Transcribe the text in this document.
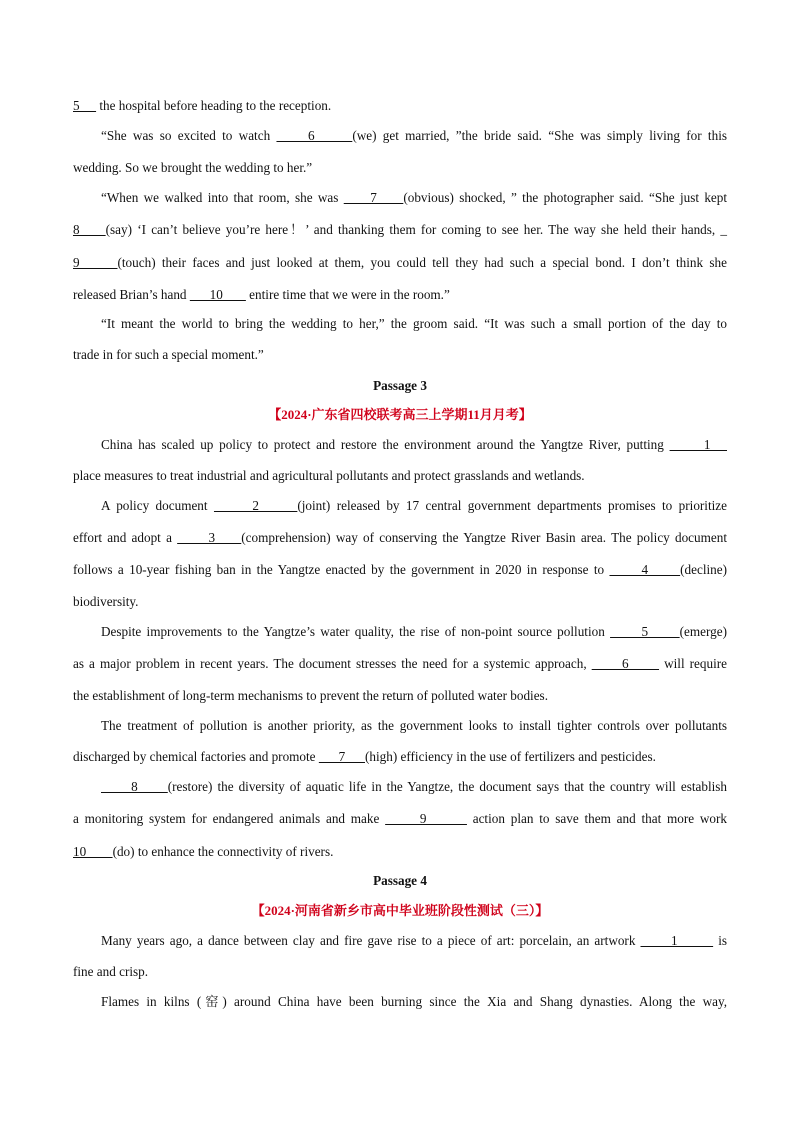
5      the hospital before heading to the reception.
“She was so excited to watch      6      (we) get married, ”the bride said. “She was simply living for this
wedding. So we brought the wedding to her.”
“When we walked into that room, she was      7     (obvious) shocked, ” the photographer said. “She just kept
8     (say) ‘I can’t believe you’re here！’ and thanking them for coming to see her. The way she held their hands, _
9      (touch) their faces and just looked at them, you could tell they had such a special bond. I don’t think she
released Brian’s hand       10        entire time that we were in the room.”
“It meant the world to bring the wedding to her,” the groom said. “It was such a small portion of the day to
trade in for such a special moment.”
Passage 3
【2024·广东省四校联考高三上学期11月月考】
China has scaled up policy to protect and restore the environment around the Yangtze River, putting       1
place measures to treat industrial and agricultural pollutants and protect grasslands and wetlands.
A policy document       2      (joint) released by 17 central government departments promises to prioritize
effort and adopt a       3     (comprehension) way of conserving the Yangtze River Basin area. The policy document
follows a 10-year fishing ban in the Yangtze enacted by the government in 2020 in response to       4      (decline)
biodiversity.
Despite improvements to the Yangtze’s water quality, the rise of non-point source pollution       5      (emerge)
as a major problem in recent years. The document stresses the need for a systemic approach,       6       will require
the establishment of long-term mechanisms to prevent the return of polluted water bodies.
The treatment of pollution is another priority, as the government looks to install tighter controls over pollutants
discharged by chemical factories and promote       7      (high) efficiency in the use of fertilizers and pesticides.
8      (restore) the diversity of aquatic life in the Yangtze, the document says that the country will establish
a monitoring system for endangered animals and make       9        action plan to save them and that more work
10        (do) to enhance the connectivity of rivers.
Passage 4
【2024·河南省新乡市高中毕业班阶段性测试（三）】
Many years ago, a dance between clay and fire gave rise to a piece of art: porcelain, an artwork       1        is
fine and crisp.
Flames in kilns (窑) around China have been burning since the Xia and Shang dynasties. Along the way,
